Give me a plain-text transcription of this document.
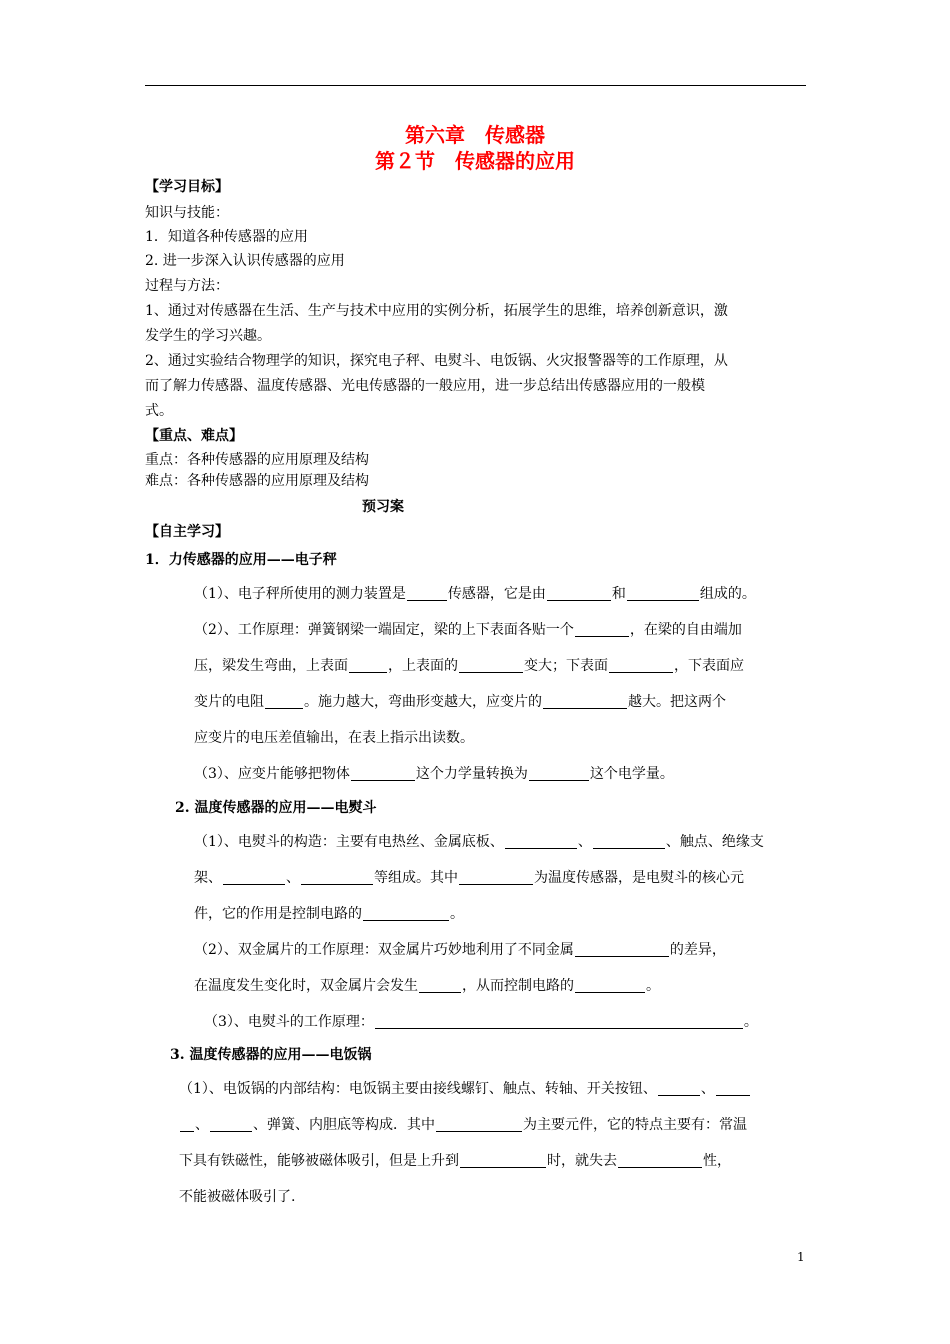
第六章　传感器
第２节　传感器的应用
【学习目标】
知识与技能：
1．知道各种传感器的应用
2. 进一步深入认识传感器的应用
过程与方法：
1、通过对传感器在生活、生产与技术中应用的实例分析，拓展学生的思维，培养创新意识，激
发学生的学习兴趣。
2、通过实验结合物理学的知识，探究电子秤、电熨斗、电饭锅、火灾报警器等的工作原理，从
而了解力传感器、温度传感器、光电传感器的一般应用，进一步总结出传感器应用的一般模
式。
【重点、难点】
重点：各种传感器的应用原理及结构
难点：各种传感器的应用原理及结构
预习案
【自主学习】
1．力传感器的应用——电子秤
（1）、电子秤所使用的测力装置是	传感器，它是由	和	组成的。
（2）、工作原理：弹簧钢梁一端固定，梁的上下表面各贴一个	，在梁的自由端加
压，梁发生弯曲，上表面	，上表面的	变大；下表面	，下表面应
变片的电阻	。施力越大，弯曲形变越大，应变片的	越大。把这两个
应变片的电压差值输出，在表上指示出读数。
（3）、应变片能够把物体	这个力学量转换为	这个电学量。
2. 温度传感器的应用——电熨斗
（1）、电熨斗的构造：主要有电热丝、金属底板、	、	、触点、绝缘支
架、	、	等组成。其中	为温度传感器，是电熨斗的核心元
件，它的作用是控制电路的	。
（2）、双金属片的工作原理：双金属片巧妙地利用了不同金属	的差异，
在温度发生变化时，双金属片会发生	，从而控制电路的	。
（3）、电熨斗的工作原理：	。
3. 温度传感器的应用——电饭锅
（1）、电饭锅的内部结构：电饭锅主要由接线螺钉、触点、转轴、开关按钮、	、
、	、弹簧、内胆底等构成．其中	为主要元件，它的特点主要有：常温
下具有铁磁性，能够被磁体吸引，但是上升到	时，就失去	性，
不能被磁体吸引了.
1
